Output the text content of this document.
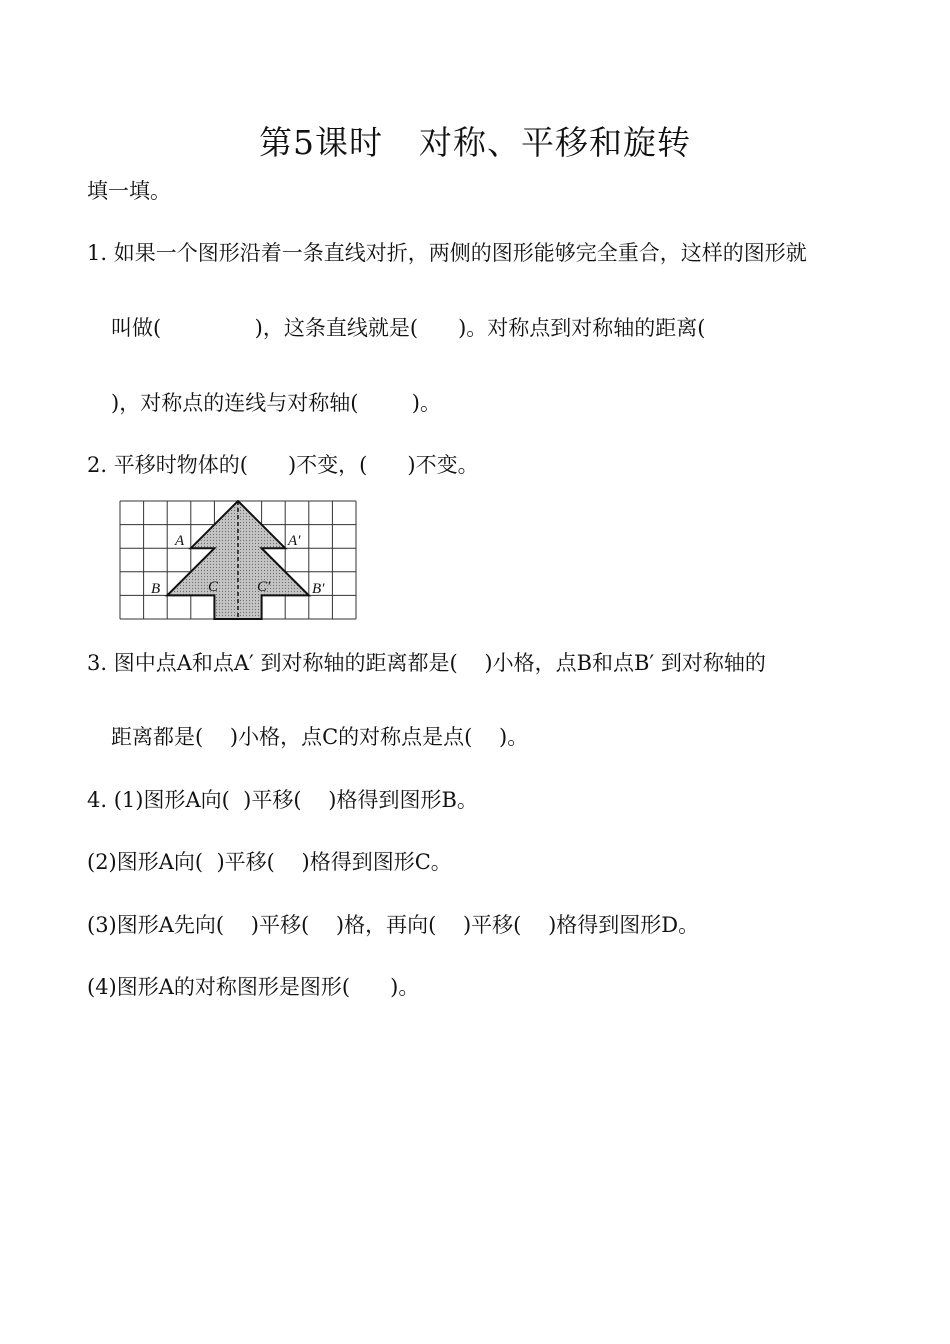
第5课时 对称、平移和旋转
填一填。
1. 如果一个图形沿着一条直线对折，两侧的图形能够完全重合，这样的图形就
叫做(              )，这条直线就是(      )。对称点到对称轴的距离(
)，对称点的连线与对称轴(        )。
2. 平移时物体的(      )不变，(      )不变。
A	A′
B	B′
C	C′
3. 图中点A和点A′ 到对称轴的距离都是(    )小格，点B和点B′ 到对称轴的
距离都是(    )小格，点C的对称点是点(    )。
4. (1)图形A向(  )平移(    )格得到图形B。
(2)图形A向(  )平移(    )格得到图形C。
(3)图形A先向(    )平移(    )格，再向(    )平移(    )格得到图形D。
(4)图形A的对称图形是图形(      )。
